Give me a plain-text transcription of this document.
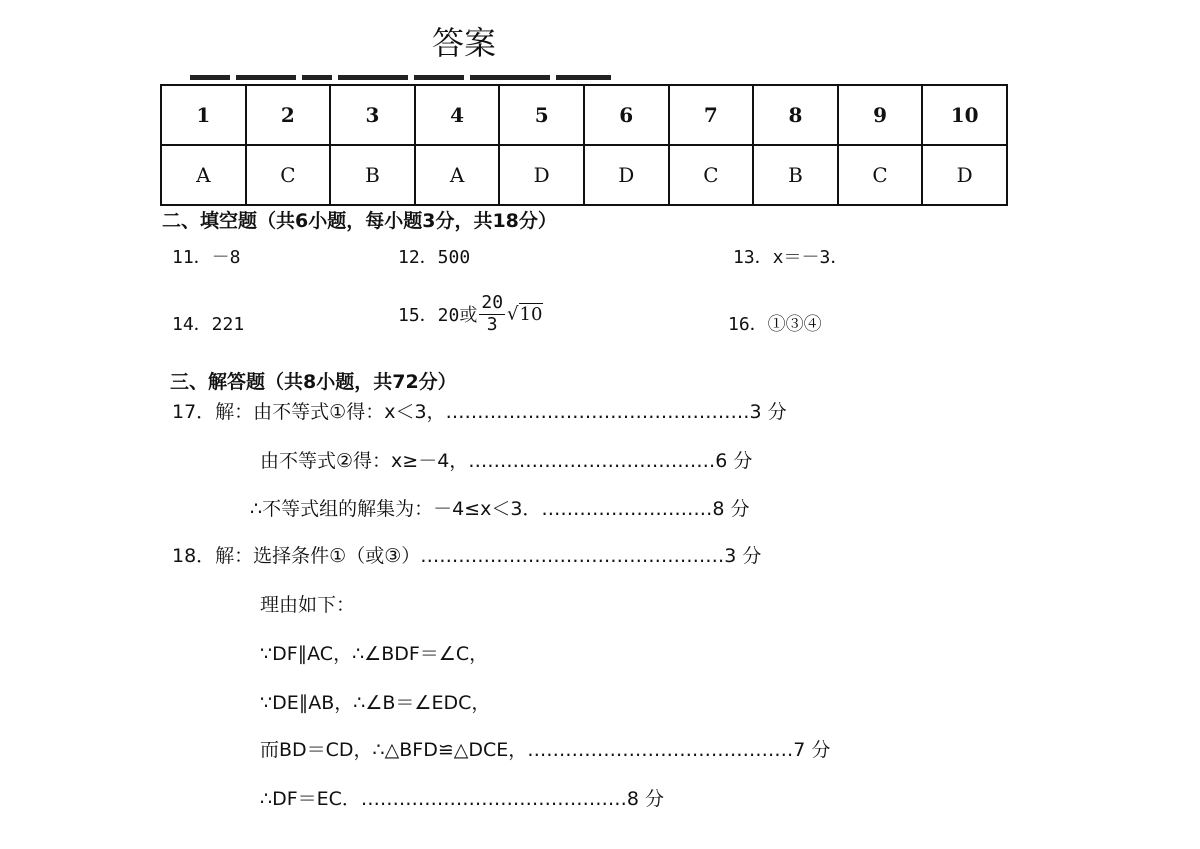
答案
1	2	3	4	5	6	7	8	9	10
A	C	B	A	D	D	C	B	C	D
二、填空题（共6小题，每小题3分，共18分）
11．－8	12．500	13．x＝－3．
14．221	15．20或 $\frac{20}{3} √10$	16．①③④
三、解答题（共8小题，共72分）
17．解：由不等式①得：x＜3，…………………………………………3 分
由不等式②得：x≥－4，…………………………………6 分
∴不等式组的解集为：－4≤x＜3．………………………8 分
18．解：选择条件①（或③）…………………………………………3 分
理由如下：
∵DF∥AC，∴∠BDF＝∠C，
∵DE∥AB，∴∠B＝∠EDC，
而BD＝CD，∴△BFD≌△DCE，……………………………………7 分
∴DF＝EC．……………………………………8 分
